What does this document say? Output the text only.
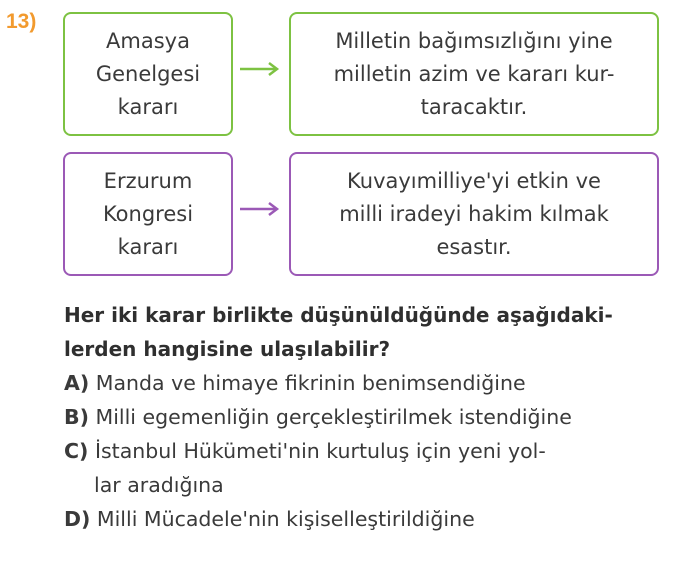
13)
Amasya
Genelgesi
kararı
Milletin bağımsızlığını yine
milletin azim ve kararı kur-
taracaktır.
Erzurum
Kongresi
kararı
Kuvayımilliye'yi etkin ve
milli iradeyi hakim kılmak
esastır.
Her iki karar birlikte düşünüldüğünde aşağıdaki-
lerden hangisine ulaşılabilir?
A) Manda ve himaye fikrinin benimsendiğine
B) Milli egemenliğin gerçekleştirilmek istendiğine
C) İstanbul Hükümeti'nin kurtuluş için yeni yol-
lar aradığına
D) Milli Mücadele'nin kişiselleştirildiğine
